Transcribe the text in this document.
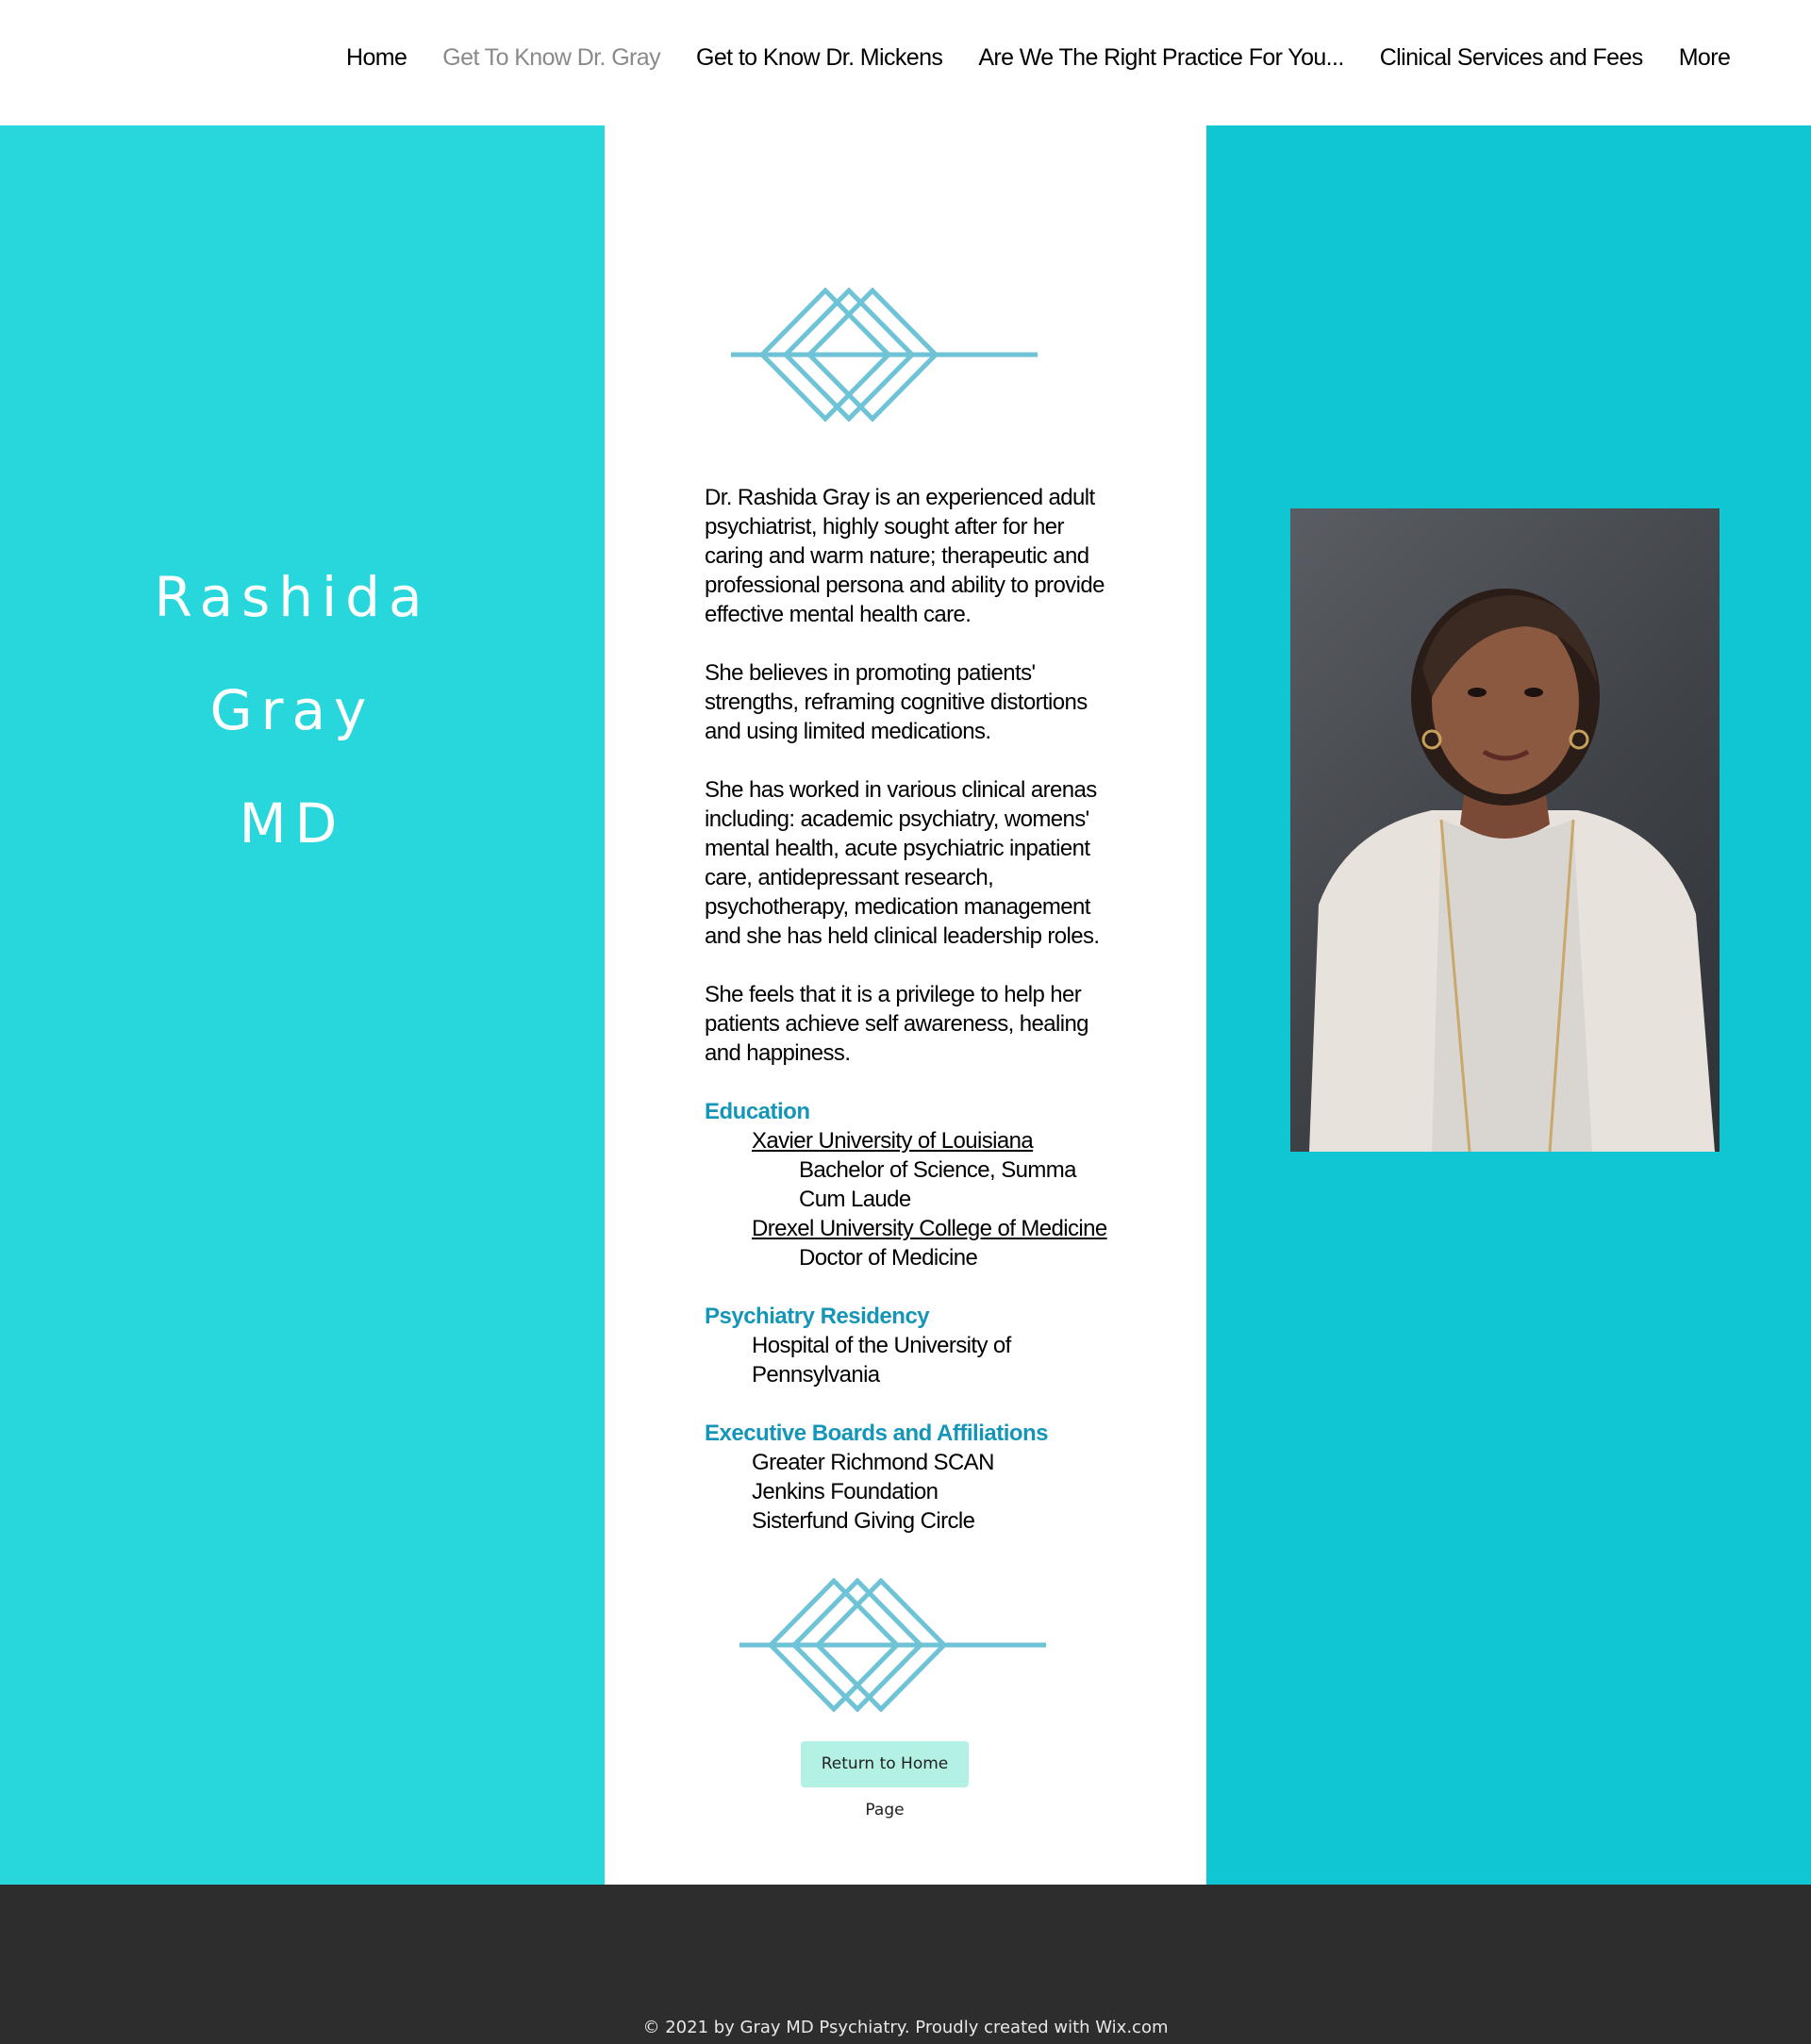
Home	Get To Know Dr. Gray	Get to Know Dr. Mickens	Are We The Right Practice For You...	Clinical Services and Fees	More
Rashida
Gray
MD

Dr. Rashida Gray is an experienced adult psychiatrist, highly sought after for her caring and warm nature; therapeutic and professional persona and ability to provide effective mental health care.

She believes in promoting patients' strengths, reframing cognitive distortions and using limited medications.

She has worked in various clinical arenas including: academic psychiatry, womens' mental health, acute psychiatric inpatient care, antidepressant research, psychotherapy, medication management and she has held clinical leadership roles.

She feels that it is a privilege to help her patients achieve self awareness, healing and happiness.

Education
Xavier University of Louisiana
Bachelor of Science, Summa
Cum Laude
Drexel University College of Medicine
Doctor of Medicine
Psychiatry Residency
Hospital of the University of
Pennsylvania
Executive Boards and Affiliations
Greater Richmond SCAN
Jenkins Foundation
Sisterfund Giving Circle
Return to Home Page
© 2021 by Gray MD Psychiatry. Proudly created with Wix.com
